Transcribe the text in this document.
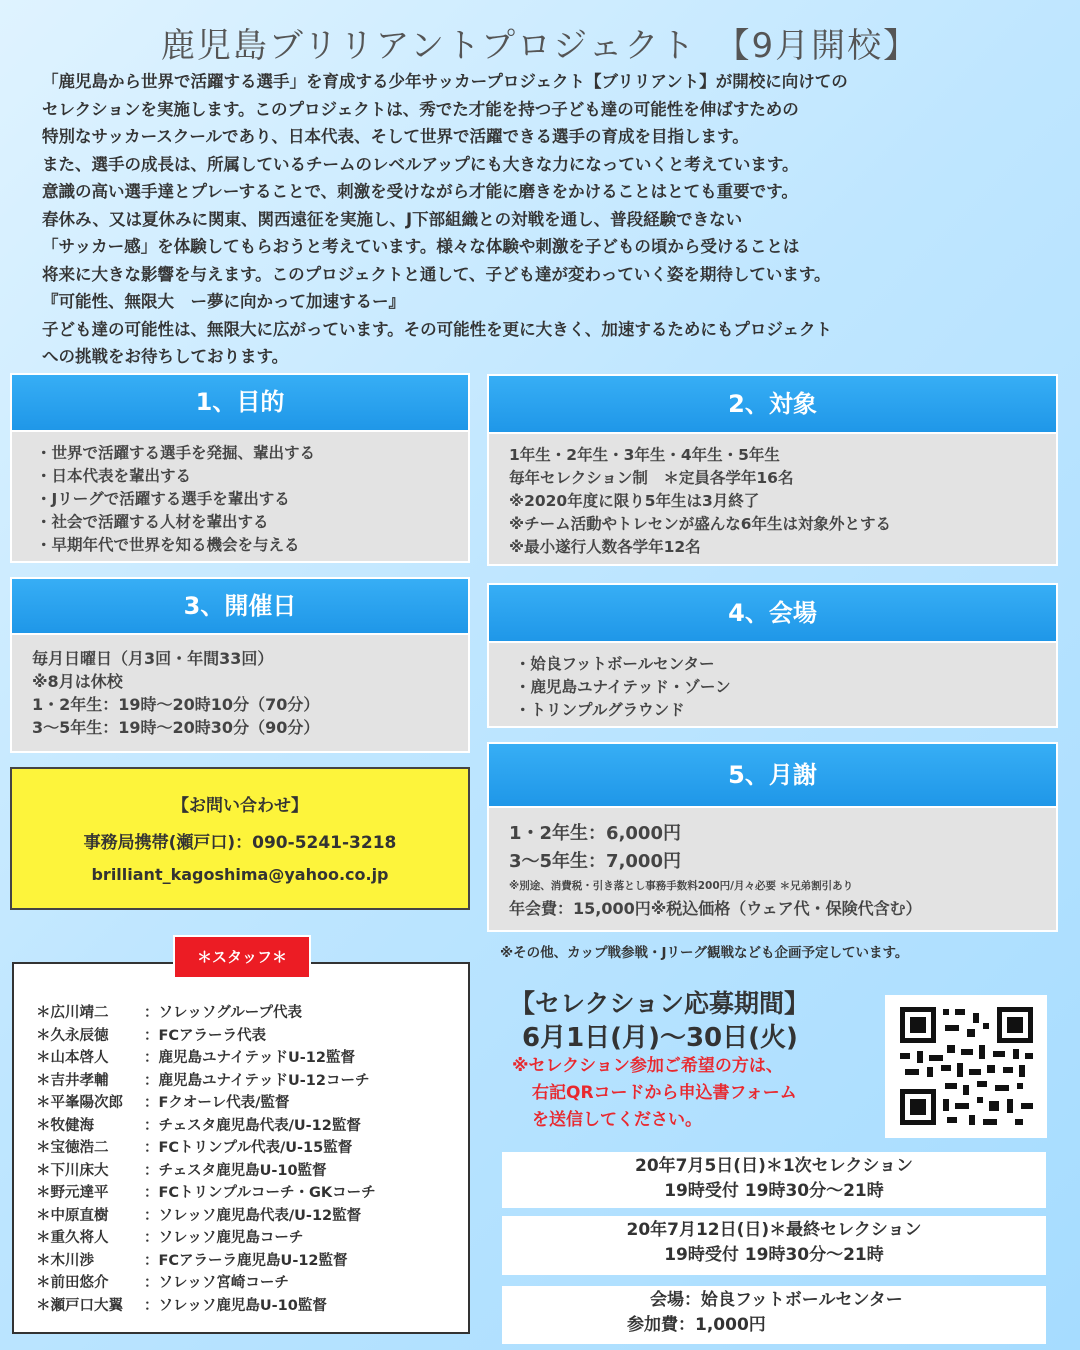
鹿児島ブリリアントプロジェクト　【9月開校】
「鹿児島から世界で活躍する選手」を育成する少年サッカープロジェクト【ブリリアント】が開校に向けての
セレクションを実施します。このプロジェクトは、秀でた才能を持つ子ども達の可能性を伸ばすための
特別なサッカースクールであり、日本代表、そして世界で活躍できる選手の育成を目指します。
また、選手の成長は、所属しているチームのレベルアップにも大きな力になっていくと考えています。
意識の高い選手達とプレーすることで、刺激を受けながら才能に磨きをかけることはとても重要です。
春休み、又は夏休みに関東、関西遠征を実施し、J下部組織との対戦を通し、普段経験できない
「サッカー感」を体験してもらおうと考えています。様々な体験や刺激を子どもの頃から受けることは
将来に大きな影響を与えます。このプロジェクトと通して、子ども達が変わっていく姿を期待しています。
『可能性、無限大　ー夢に向かって加速するー』
子ども達の可能性は、無限大に広がっています。その可能性を更に大きく、加速するためにもプロジェクト
への挑戦をお待ちしております。
1、目的
・世界で活躍する選手を発掘、輩出する
・日本代表を輩出する
・Jリーグで活躍する選手を輩出する
・社会で活躍する人材を輩出する
・早期年代で世界を知る機会を与える
2、対象
1年生・2年生・3年生・4年生・5年生
毎年セレクション制　＊定員各学年16名
※2020年度に限り5年生は3月終了
※チーム活動やトレセンが盛んな6年生は対象外とする
※最小遂行人数各学年12名
3、開催日
毎月日曜日（月3回・年間33回）
※8月は休校
1・2年生：19時〜20時10分（70分）
3〜5年生：19時〜20時30分（90分）
4、会場
・姶良フットボールセンター
・鹿児島ユナイテッド・ゾーン
・トリンプルグラウンド
5、月謝
1・2年生：6,000円
3〜5年生：7,000円
※別途、消費税・引き落とし事務手数料200円/月々必要 ＊兄弟割引あり
年会費：15,000円※税込価格（ウェア代・保険代含む）
※その他、カップ戦参戦・Jリーグ観戦なども企画予定しています。
【お問い合わせ】
事務局携帯(瀬戸口)：090-5241-3218
brilliant_kagoshima@yahoo.co.jp
＊広川靖二	：ソレッソグループ代表
＊久永辰徳	：FCアラーラ代表
＊山本啓人	：鹿児島ユナイテッドU-12監督
＊吉井孝輔	：鹿児島ユナイテッドU-12コーチ
＊平峯陽次郎	：Fクオーレ代表/監督
＊牧健海	：チェスタ鹿児島代表/U-12監督
＊宝徳浩二	：FCトリンプル代表/U-15監督
＊下川床大	：チェスタ鹿児島U-10監督
＊野元達平	：FCトリンプルコーチ・GKコーチ
＊中原直樹	：ソレッソ鹿児島代表/U-12監督
＊重久将人	：ソレッソ鹿児島コーチ
＊木川渉	：FCアラーラ鹿児島U-12監督
＊前田悠介	：ソレッソ宮崎コーチ
＊瀬戸口大翼	：ソレッソ鹿児島U-10監督
＊スタッフ＊
【セレクション応募期間】
6月1日(月)〜30日(火)
※セレクション参加ご希望の方は、
右記QRコードから申込書フォーム
を送信してください。
20年7月5日(日)＊1次セレクション
19時受付 19時30分〜21時
20年7月12日(日)＊最終セレクション
19時受付 19時30分〜21時
会場：姶良フットボールセンター
参加費：1,000円
